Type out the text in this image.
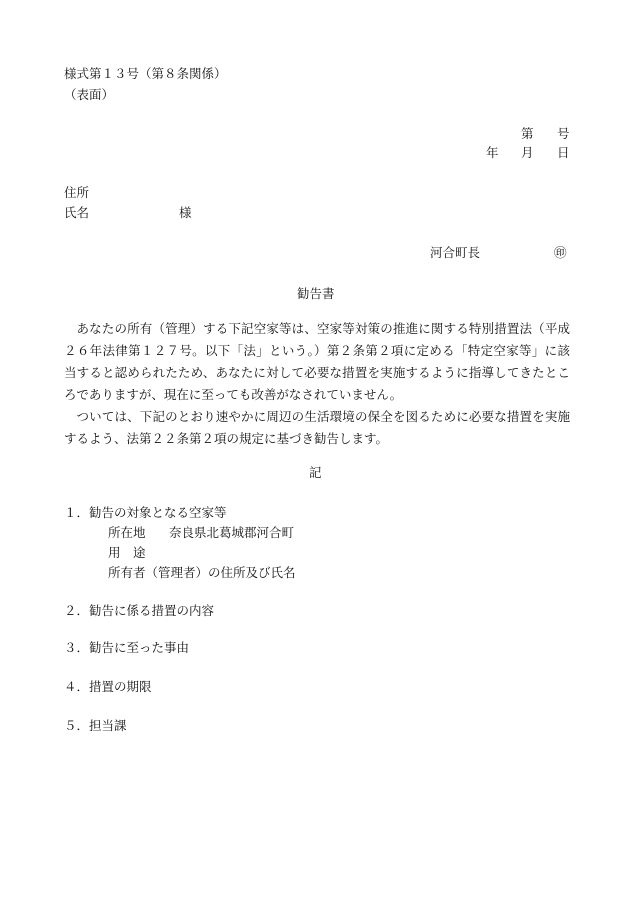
様式第１３号（第８条関係）
（表面）
第 号
年 月 日
住所
氏名	様
河合町長	㊞
勧告書

あなたの所有（管理）する下記空家等は、空家等対策の推進に関する特別措置法（平成２６年法律第１２７号。以下「法」という。）第２条第２項に定める「特定空家等」に該当すると認められたため、あなたに対して必要な措置を実施するように指導してきたところでありますが、現在に至っても改善がなされていません。

ついては、下記のとおり速やかに周辺の生活環境の保全を図るために必要な措置を実施するよう、法第２２条第２項の規定に基づき勧告します。

記
１．勧告の対象となる空家等
所在地 奈良県北葛城郡河合町
用　途
所有者（管理者）の住所及び氏名
２．勧告に係る措置の内容
３．勧告に至った事由
４．措置の期限
５．担当課
